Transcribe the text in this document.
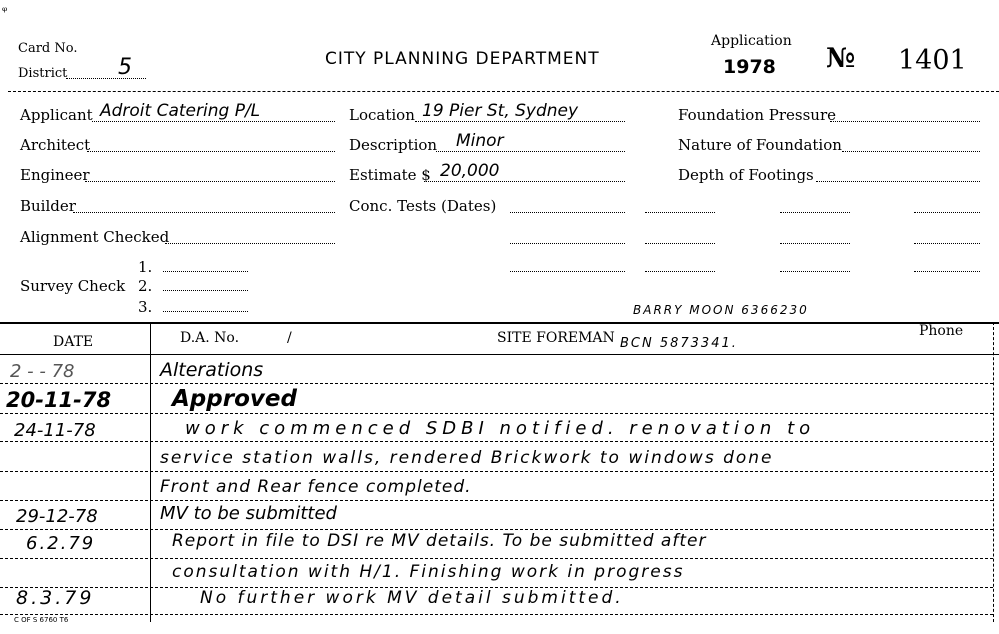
ᵩ
Card No.
District 5	CITY PLANNING DEPARTMENT
Application
1978 № 1401
Applicant Adroit Catering P/L
Architect
Engineer
Builder
Alignment Checked
Survey Check
1.
2.
3.
Location 19 Pier St, Sydney
Description Minor
Estimate $ 20,000
Conc. Tests (Dates)
Foundation Pressure
Nature of Foundation
Depth of Footings
BARRY MOON 6366230
DATE	D.A. No.	/	SITE FOREMAN BCN 5873341.
Phone
2 - - 78	Alterations
20-11-78	Approved
24-11-78	work commenced SDBI notified. renovation to
service station walls, rendered Brickwork to windows done
Front and Rear fence completed.
29-12-78	MV to be submitted
6.2.79	Report in file to DSI re MV details. To be submitted after
consultation with H/1. Finishing work in progress
8.3.79	No further work MV detail submitted.
C OF S 6760 T6
